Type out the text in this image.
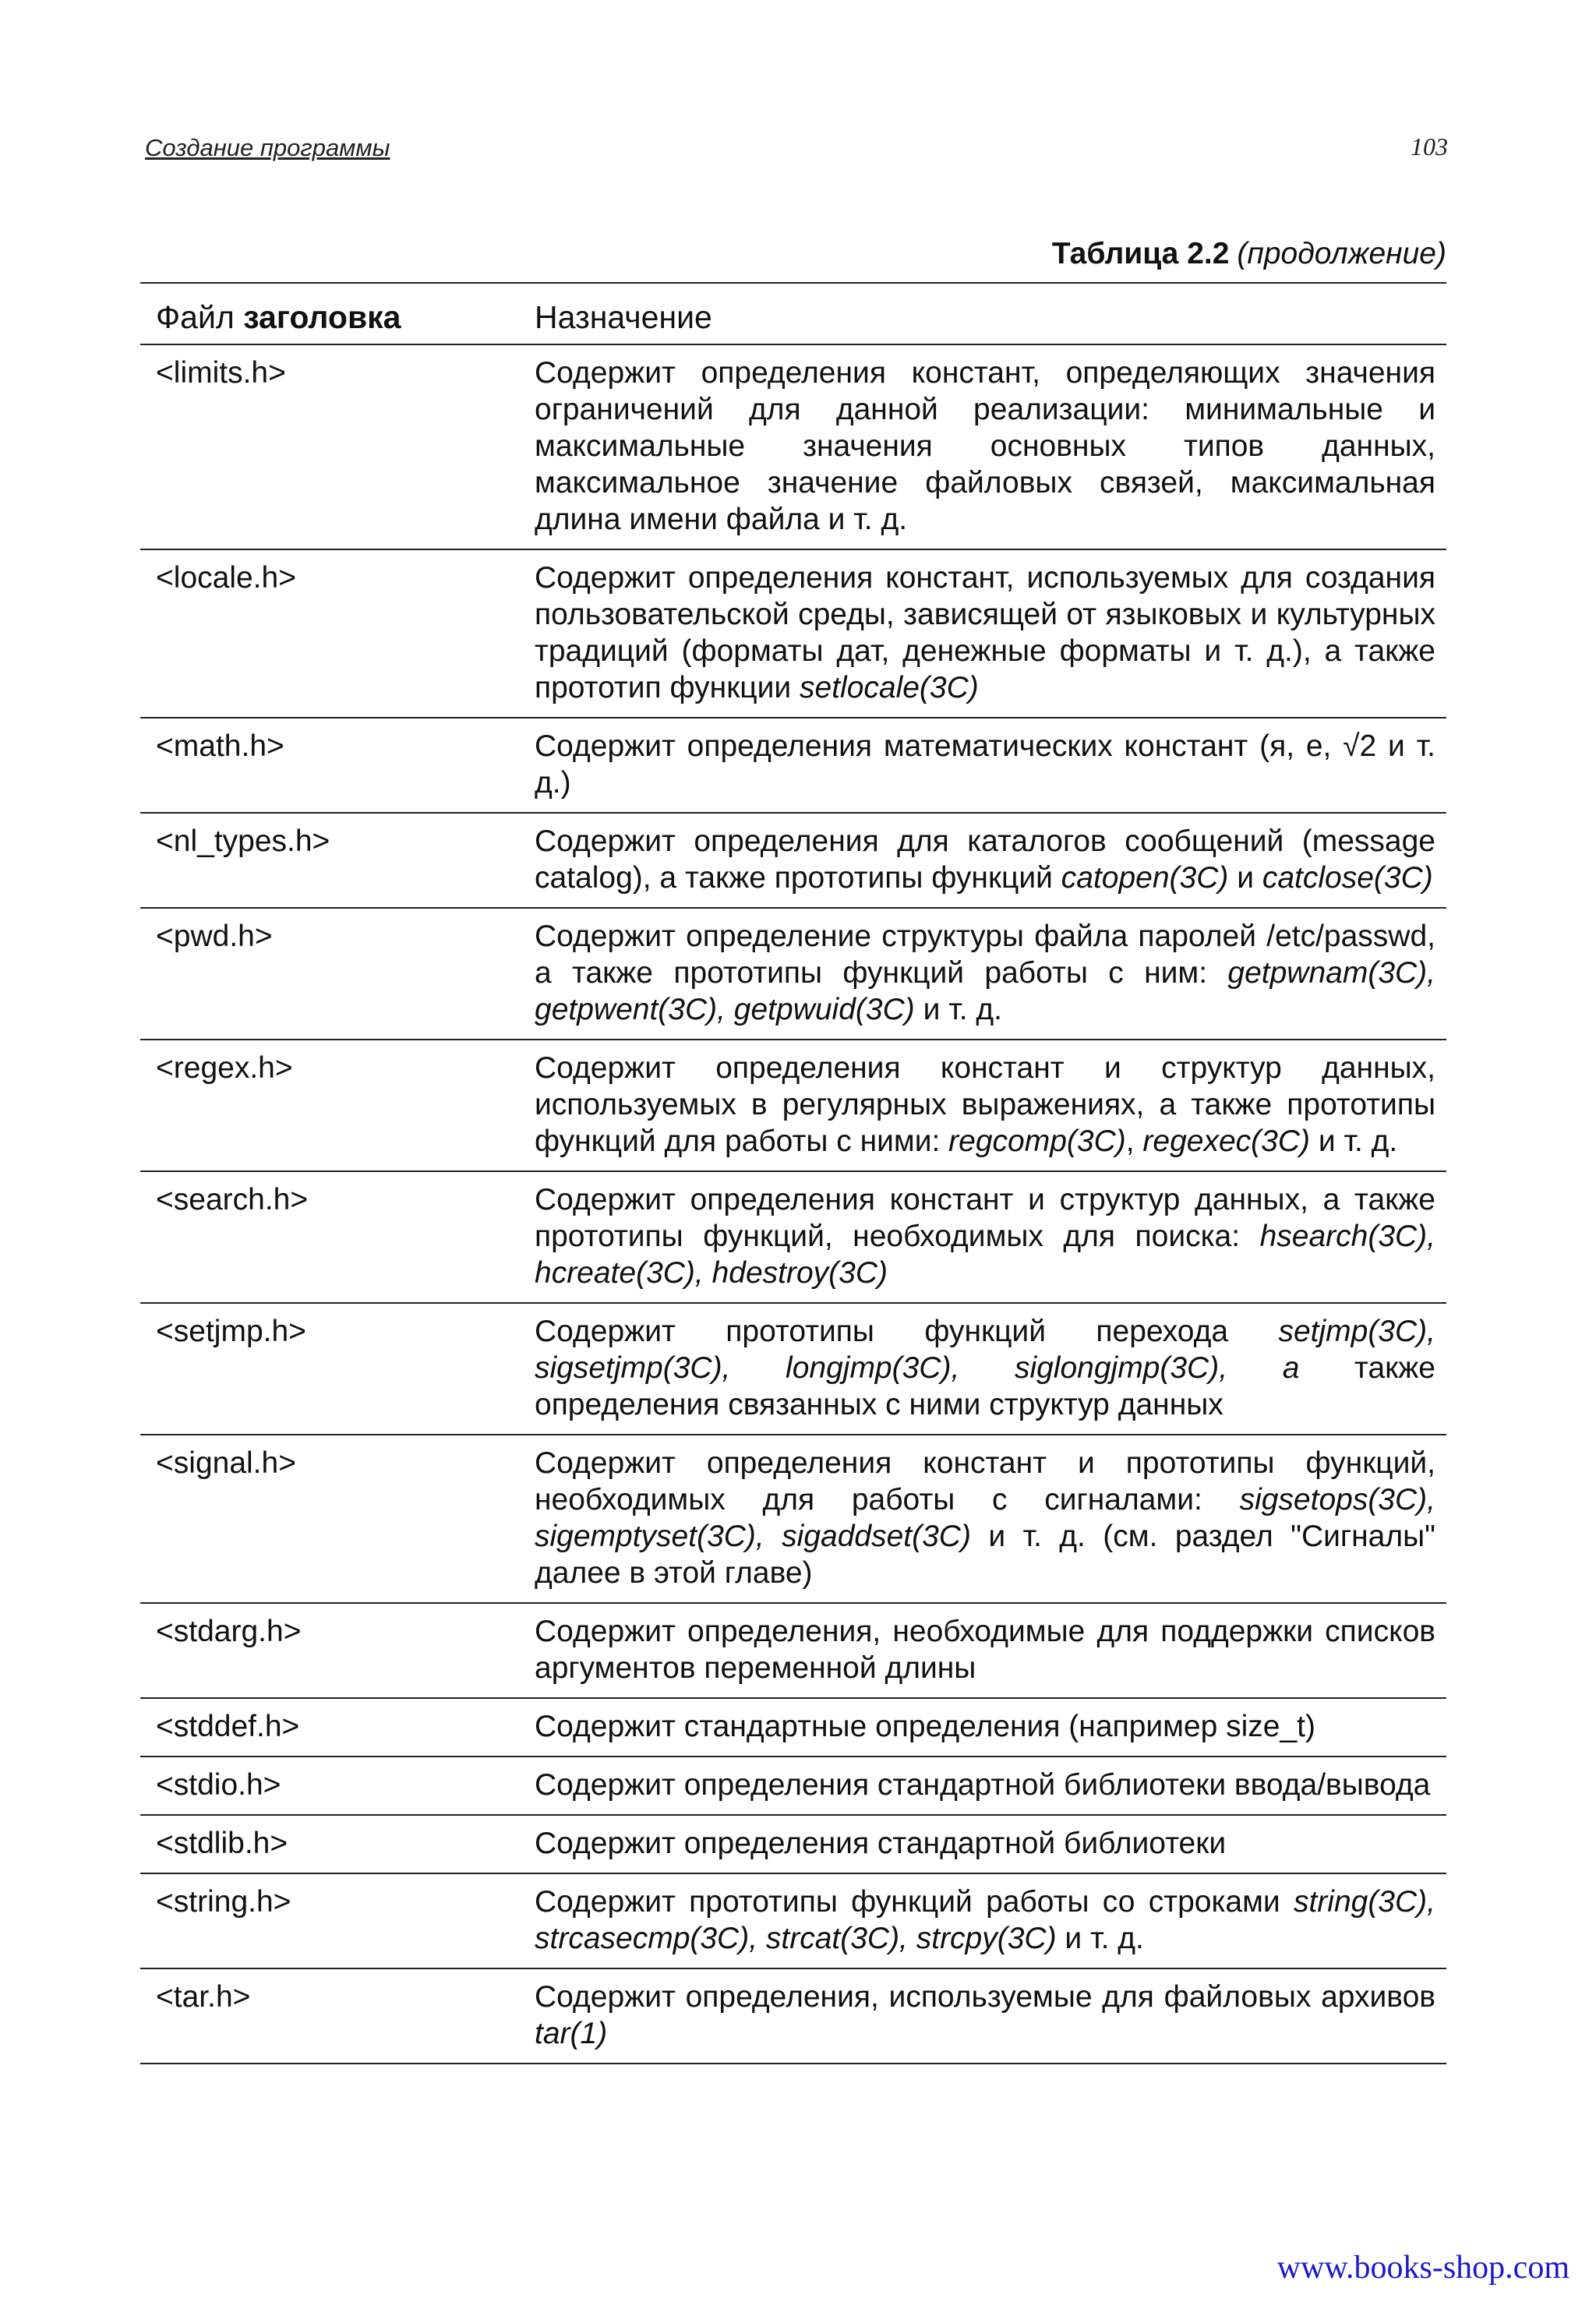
Создание программы	103
Таблица 2.2 (продолжение)
Файл заголовка	Назначение
<limits.h>	Содержит определения констант, определяющих значения ограничений для данной реализации: минимальные и максимальные значения основных типов данных, максимальное значение файловых связей, максимальная длина имени файла и т. д.
<locale.h>	Содержит определения констант, используемых для создания пользовательской среды, зависящей от языковых и культурных традиций (форматы дат, денежные форматы и т. д.), а также прототип функции setlocale(3C)
<math.h>	Содержит определения математических констант (я, е, √2 и т. д.)
<nl_types.h>	Содержит определения для каталогов сообщений (message catalog), а также прототипы функций catopen(3C) и catclose(3C)
<pwd.h>	Содержит определение структуры файла паролей /etc/passwd, а также прототипы функций работы с ним: getpwnam(3C), getpwent(3C), getpwuid(3C) и т. д.
<regex.h>	Содержит определения констант и структур данных, используемых в регулярных выражениях, а также прототипы функций для работы с ними: regcomp(3C), regexec(3C) и т. д.
<search.h>	Содержит определения констант и структур данных, а также прототипы функций, необходимых для поиска: hsearch(3C), hcreate(3C), hdestroy(3C)
<setjmp.h>	Содержит прототипы функций перехода setjmp(3C), sigsetjmp(3C), longjmp(3C), siglongjmp(3C), а также определения связанных с ними структур данных
<signal.h>	Содержит определения констант и прототипы функций, необходимых для работы с сигналами: sigsetops(3C), sigemptyset(3C), sigaddset(3C) и т. д. (см. раздел "Сигналы" далее в этой главе)
<stdarg.h>	Содержит определения, необходимые для поддержки списков аргументов переменной длины
<stddef.h>	Содержит стандартные определения (например size_t)
<stdio.h>	Содержит определения стандартной библиотеки ввода/вывода
<stdlib.h>	Содержит определения стандартной библиотеки
<string.h>	Содержит прототипы функций работы со строками string(3C), strcasecmp(3C), strcat(3C), strcpy(3C) и т. д.
<tar.h>	Содержит определения, используемые для файловых архивов tar(1)
www.books-shop.com
